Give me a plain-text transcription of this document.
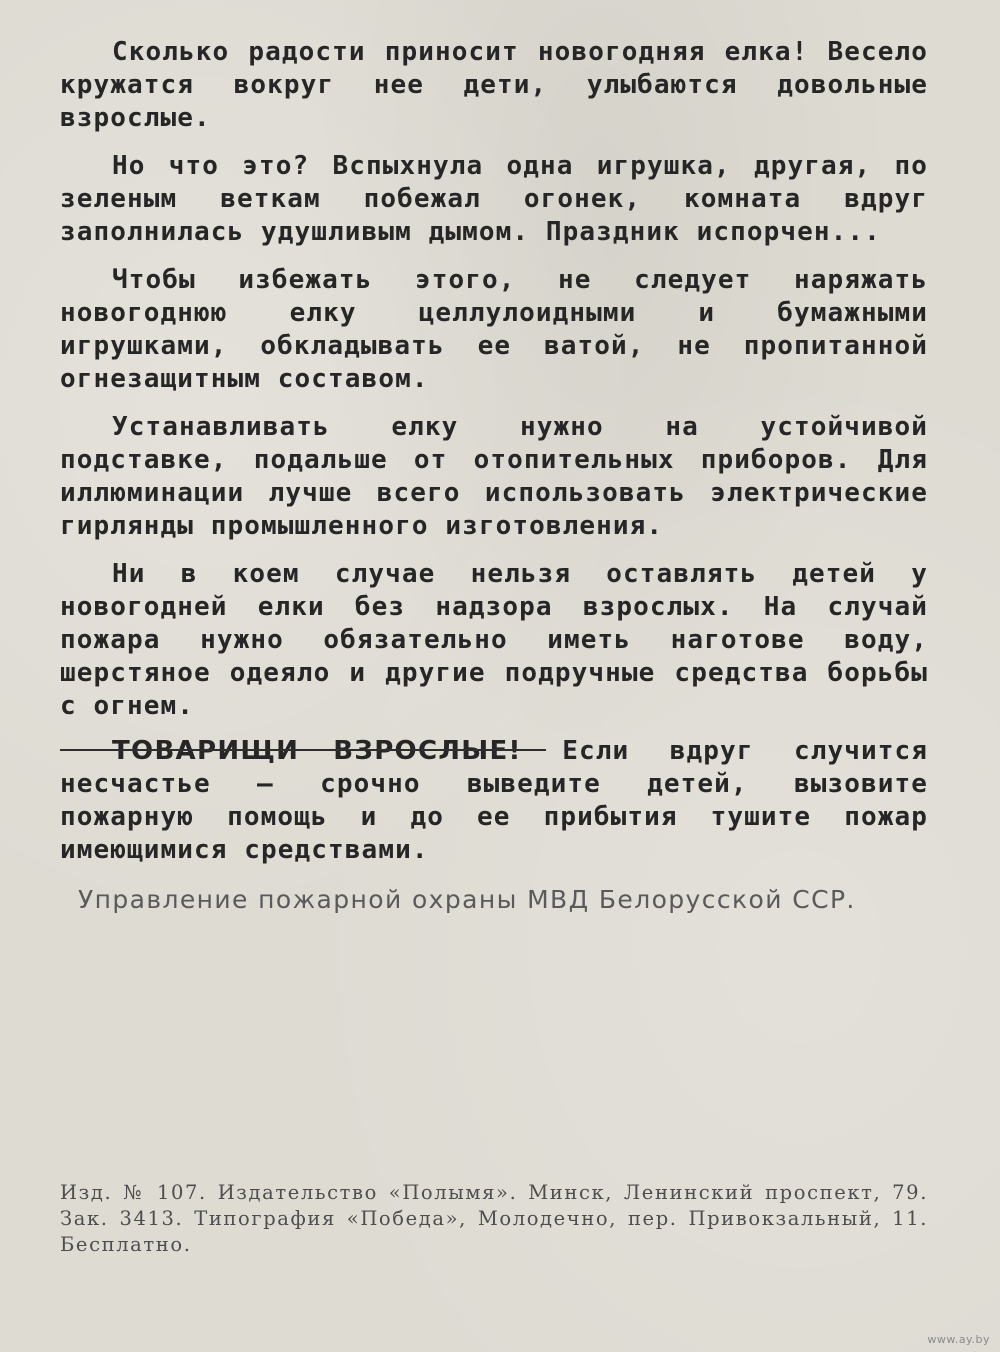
Сколько радости приносит новогодняя елка! Весело кружатся вокруг нее дети, улыбаются довольные взрослые.

Но что это? Вспыхнула одна игрушка, другая, по зеленым веткам побежал огонек, комната вдруг заполнилась удушливым дымом. Праздник испорчен...

Чтобы избежать этого, не следует наряжать новогоднюю елку целлулоидными и бумажными игрушками, обкладывать ее ватой, не пропитанной огнезащитным составом.

Устанавливать елку нужно на устойчивой подставке, подальше от отопительных приборов. Для иллюминации лучше всего использовать электрические гирлянды промышленного изготовления.

Ни в коем случае нельзя оставлять детей у новогодней елки без надзора взрослых. На случай пожара нужно обязательно иметь наготове воду, шерстяное одеяло и другие подручные средства борьбы с огнем.

ТОВАРИЩИ ВЗРОСЛЫЕ! Если вдруг случится несчастье — срочно выведите детей, вызовите пожарную помощь и до ее прибытия тушите пожар имеющимися средствами.

Управление пожарной охраны МВД Белорусской ССР.
Изд. № 107. Издательство «Полымя». Минск, Ленинский проспект, 79. Зак. 3413. Типография «Победа», Молодечно, пер. Привокзальный, 11. Бесплатно.
www.ay.by
